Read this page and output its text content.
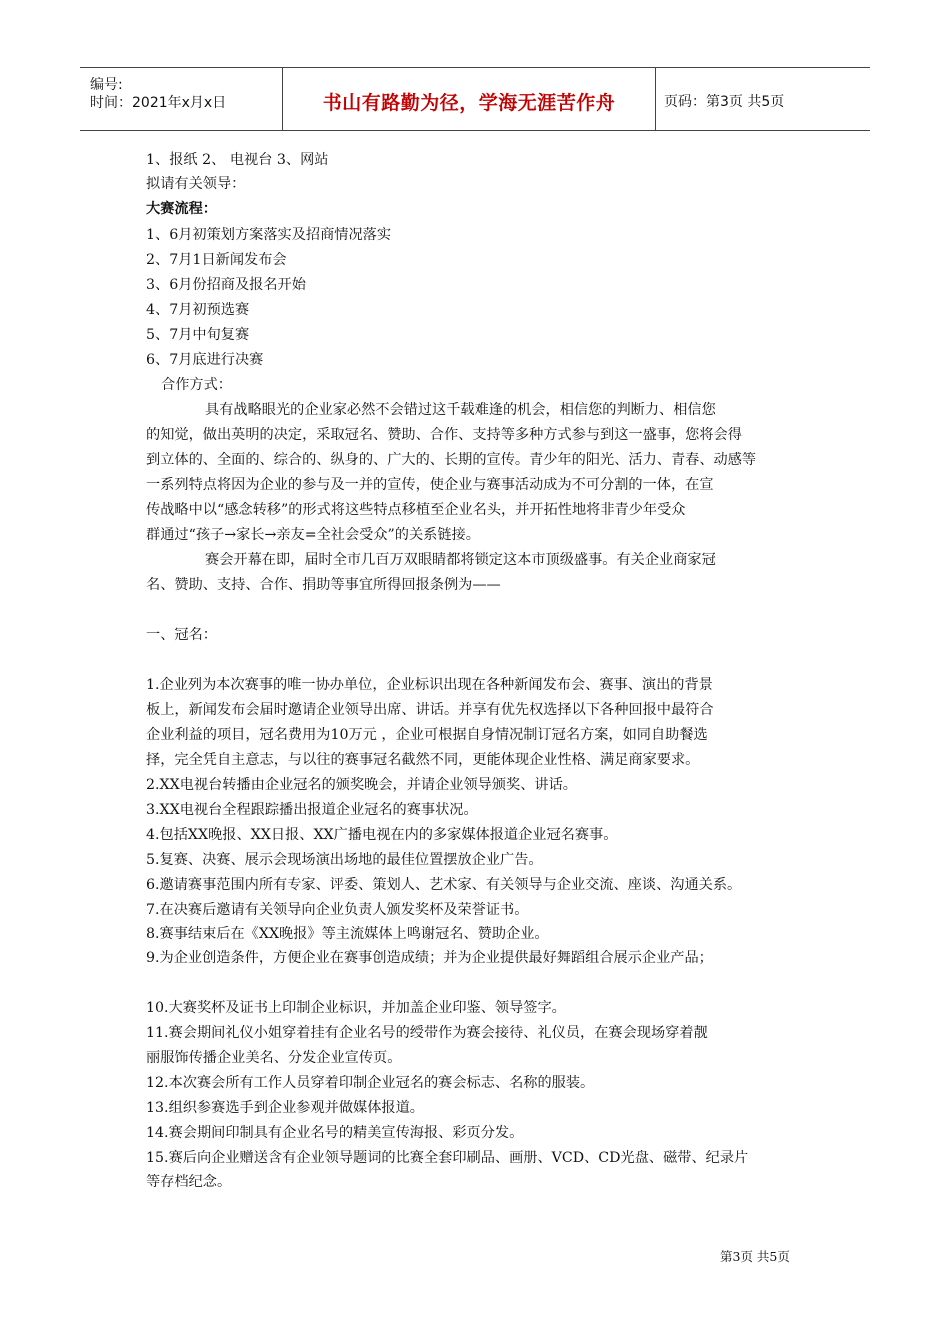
编号:
时间：2021年x月x日	书山有路勤为径，学海无涯苦作舟	页码：第3页 共5页
1、报纸 2、 电视台 3、网站
拟请有关领导：
大赛流程：
1、6月初策划方案落实及招商情况落实
2、7月1日新闻发布会
3、6月份招商及报名开始
4、7月初预选赛
5、7月中旬复赛
6、7月底进行决赛
合作方式：
具有战略眼光的企业家必然不会错过这千载难逢的机会，相信您的判断力、相信您
的知觉，做出英明的决定，采取冠名、赞助、合作、支持等多种方式参与到这一盛事，您将会得
到立体的、全面的、综合的、纵身的、广大的、长期的宣传。青少年的阳光、活力、青春、动感等
一系列特点将因为企业的参与及一并的宣传，使企业与赛事活动成为不可分割的一体，在宣
传战略中以“感念转移”的形式将这些特点移植至企业名头，并开拓性地将非青少年受众
群通过“孩子→家长→亲友=全社会受众”的关系链接。
赛会开幕在即，届时全市几百万双眼睛都将锁定这本市顶级盛事。有关企业商家冠
名、赞助、支持、合作、捐助等事宜所得回报条例为——
一、冠名：
1.企业列为本次赛事的唯一协办单位，企业标识出现在各种新闻发布会、赛事、演出的背景
板上，新闻发布会届时邀请企业领导出席、讲话。并享有优先权选择以下各种回报中最符合
企业利益的项目，冠名费用为10万元 ，企业可根据自身情况制订冠名方案，如同自助餐选
择，完全凭自主意志，与以往的赛事冠名截然不同，更能体现企业性格、满足商家要求。
2.XX电视台转播由企业冠名的颁奖晚会，并请企业领导颁奖、讲话。
3.XX电视台全程跟踪播出报道企业冠名的赛事状况。
4.包括XX晚报、XX日报、XX广播电视在内的多家媒体报道企业冠名赛事。
5.复赛、决赛、展示会现场演出场地的最佳位置摆放企业广告。
6.邀请赛事范围内所有专家、评委、策划人、艺术家、有关领导与企业交流、座谈、沟通关系。
7.在决赛后邀请有关领导向企业负责人颁发奖杯及荣誉证书。
8.赛事结束后在《XX晚报》等主流媒体上鸣谢冠名、赞助企业。
9.为企业创造条件，方便企业在赛事创造成绩；并为企业提供最好舞蹈组合展示企业产品；
10.大赛奖杯及证书上印制企业标识，并加盖企业印鉴、领导签字。
11.赛会期间礼仪小姐穿着挂有企业名号的绶带作为赛会接待、礼仪员，在赛会现场穿着靓
丽服饰传播企业美名、分发企业宣传页。
12.本次赛会所有工作人员穿着印制企业冠名的赛会标志、名称的服装。
13.组织参赛选手到企业参观并做媒体报道。
14.赛会期间印制具有企业名号的精美宣传海报、彩页分发。
15.赛后向企业赠送含有企业领导题词的比赛全套印刷品、画册、VCD、CD光盘、磁带、纪录片
等存档纪念。
第3页 共5页
